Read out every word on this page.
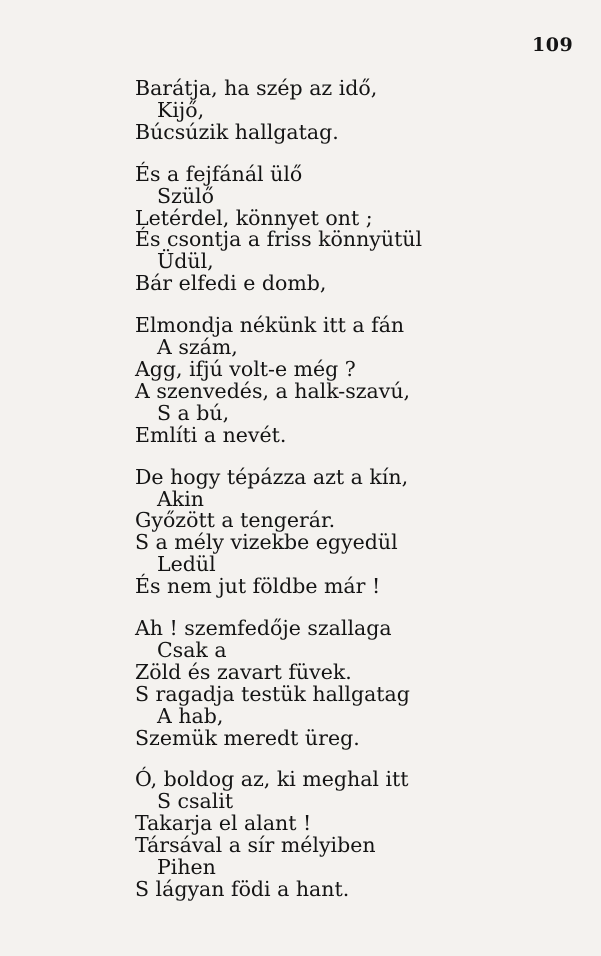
109
Barátja, ha szép az idő,
Kijő,
Búcsúzik hallgatag.
És a fejfánál ülő
Szülő
Letérdel, könnyet ont ;
És csontja a friss könnyütül
Üdül,
Bár elfedi e domb,
Elmondja nékünk itt a fán
A szám,
Agg, ifjú volt-e még ?
A szenvedés, a halk-szavú,
S a bú,
Említi a nevét.
De hogy tépázza azt a kín,
Akin
Győzött a tengerár.
S a mély vizekbe egyedül
Ledül
És nem jut földbe már !
Ah ! szemfedője szallaga
Csak a
Zöld és zavart füvek.
S ragadja testük hallgatag
A hab,
Szemük meredt üreg.
Ó, boldog az, ki meghal itt
S csalit
Takarja el alant !
Társával a sír mélyiben
Pihen
S lágyan födi a hant.
